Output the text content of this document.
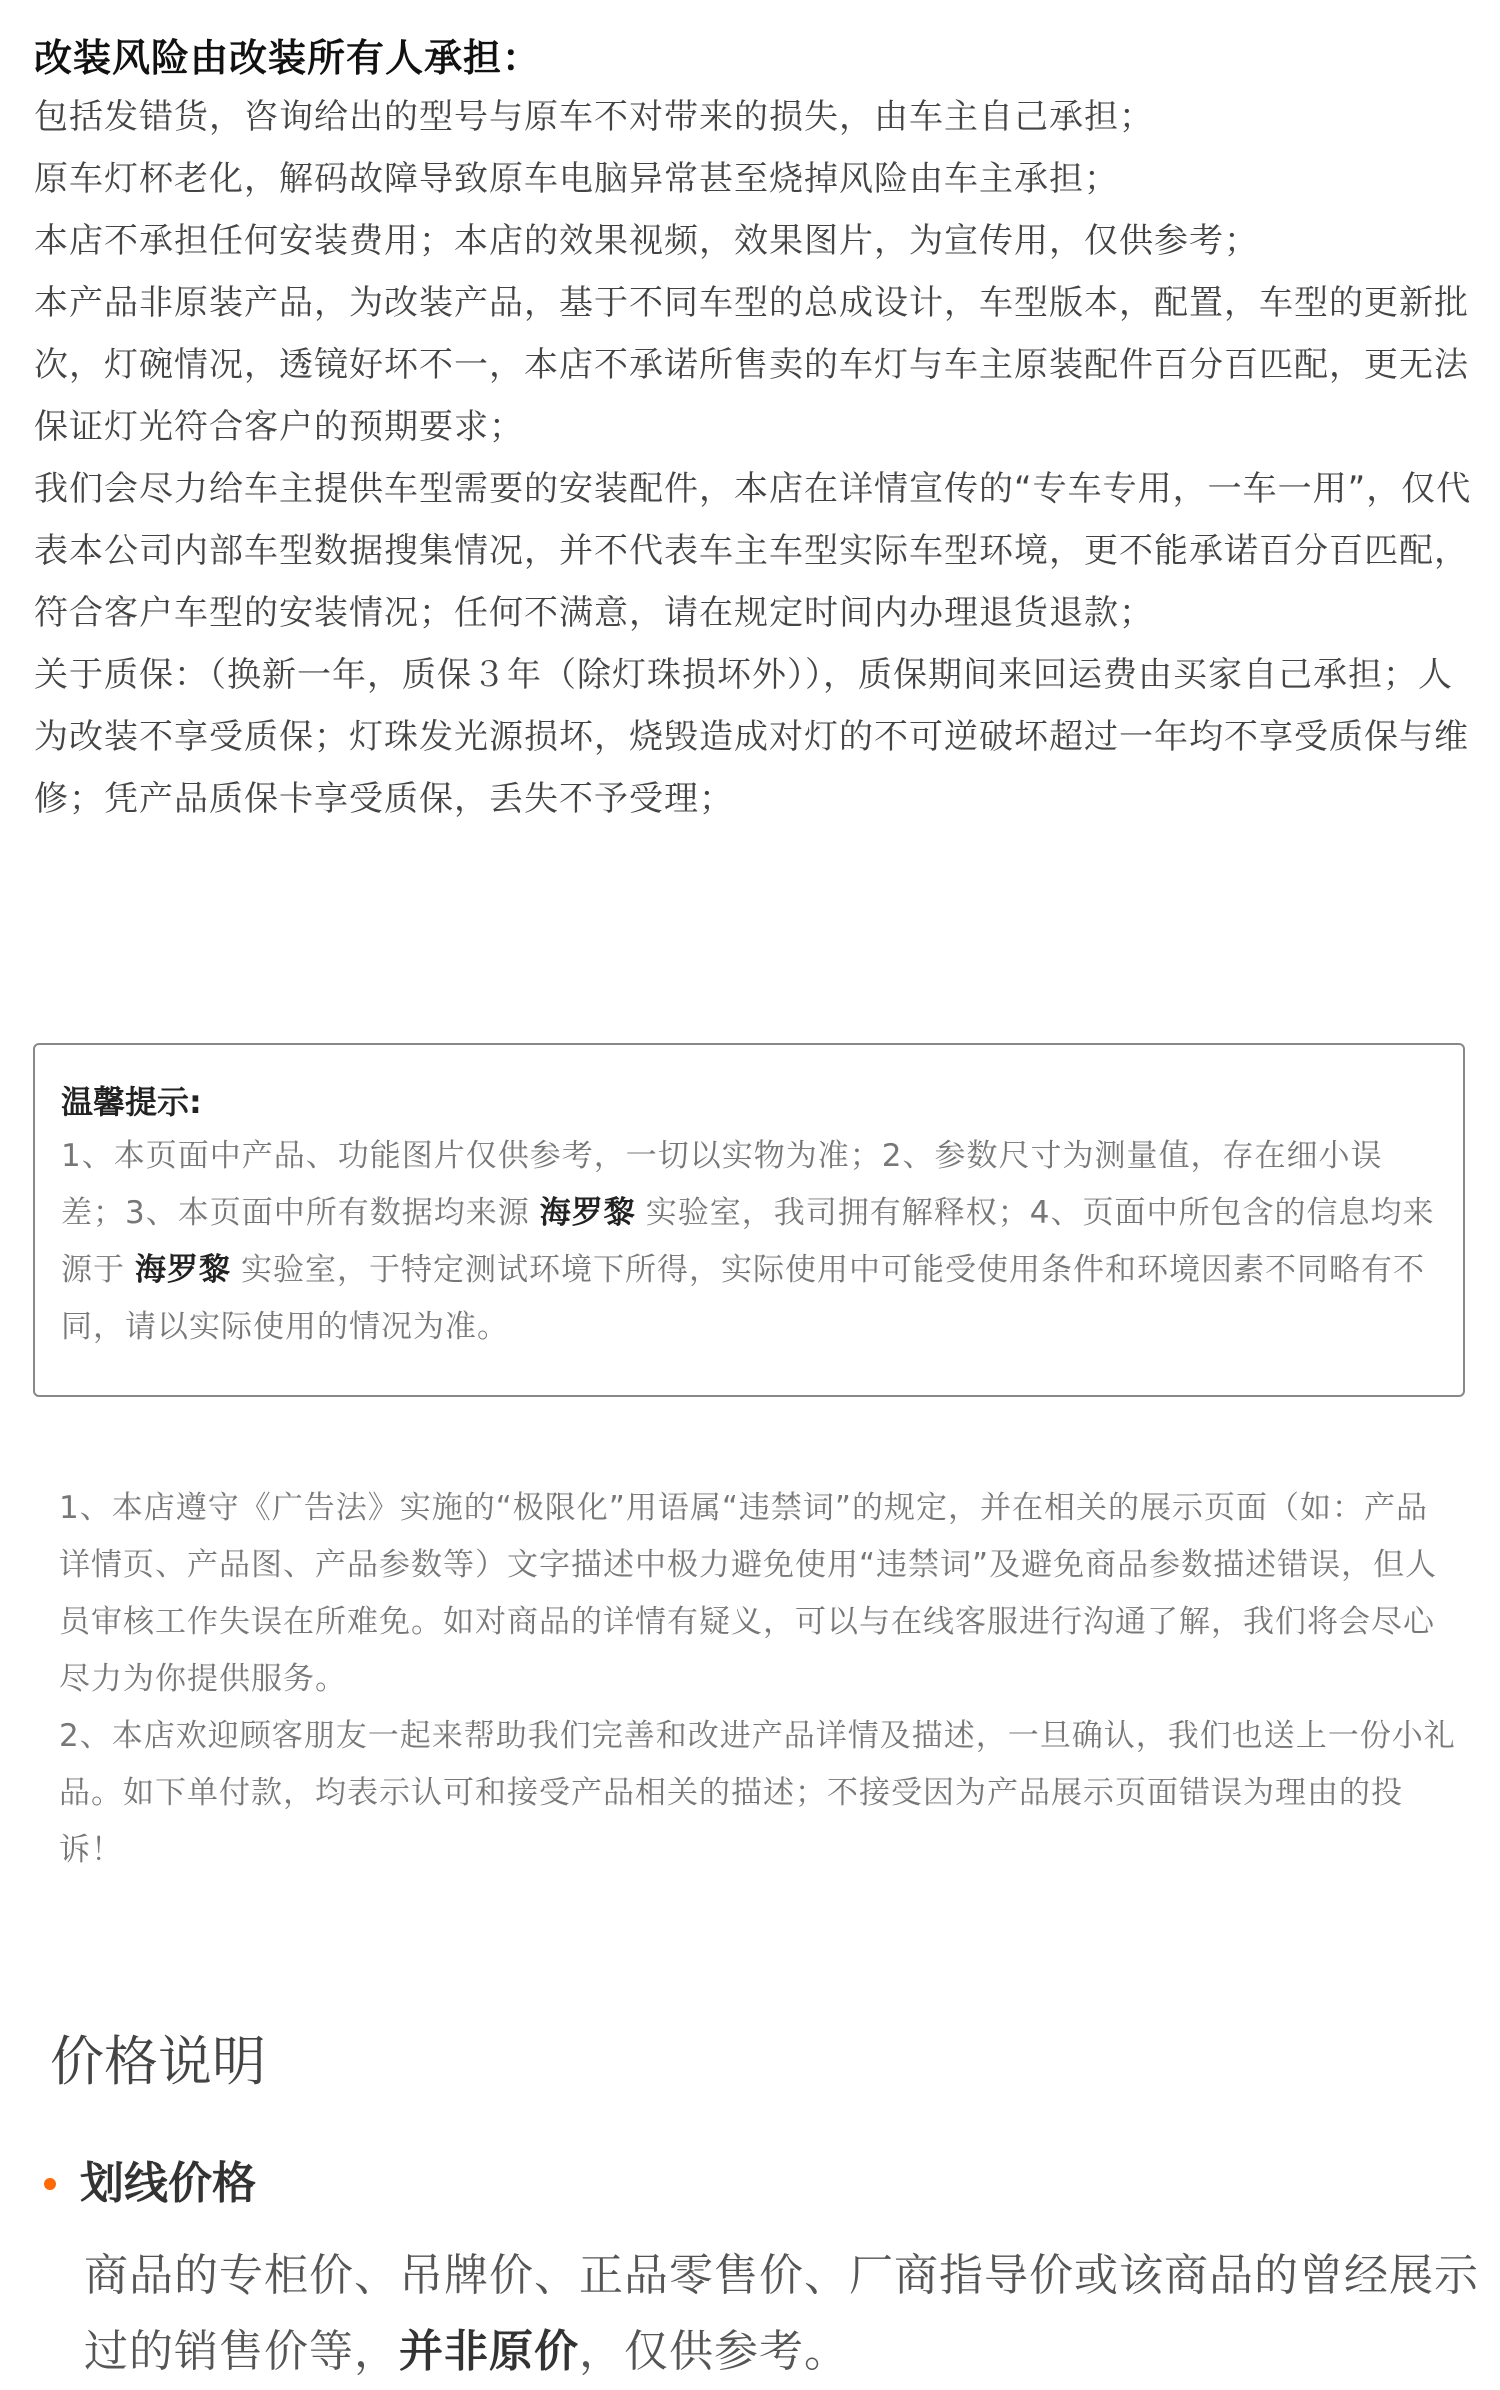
改装风险由改装所有人承担：

包括发错货，咨询给出的型号与原车不对带来的损失，由车主自己承担；

原车灯杯老化，解码故障导致原车电脑异常甚至烧掉风险由车主承担；

本店不承担任何安装费用；本店的效果视频，效果图片，为宣传用，仅供参考；

本产品非原装产品，为改装产品，基于不同车型的总成设计，车型版本，配置，车型的更新批次，灯碗情况，透镜好坏不一，本店不承诺所售卖的车灯与车主原装配件百分百匹配，更无法保证灯光符合客户的预期要求；

我们会尽力给车主提供车型需要的安装配件，本店在详情宣传的“专车专用，一车一用”，仅代表本公司内部车型数据搜集情况，并不代表车主车型实际车型环境，更不能承诺百分百匹配，符合客户车型的安装情况；任何不满意，请在规定时间内办理退货退款；

关于质保：（换新一年，质保３年（除灯珠损坏外）），质保期间来回运费由买家自己承担；人为改装不享受质保；灯珠发光源损坏，烧毁造成对灯的不可逆破坏超过一年均不享受质保与维修；凭产品质保卡享受质保，丢失不予受理；

温馨提示:

1、本页面中产品、功能图片仅供参考，一切以实物为准；2、参数尺寸为测量值，存在细小误差；3、本页面中所有数据均来源 海罗黎 实验室，我司拥有解释权；4、页面中所包含的信息均来源于 海罗黎 实验室，于特定测试环境下所得，实际使用中可能受使用条件和环境因素不同略有不同，请以实际使用的情况为准。

1、本店遵守《广告法》实施的“极限化”用语属“违禁词”的规定，并在相关的展示页面（如：产品详情页、产品图、产品参数等）文字描述中极力避免使用“违禁词”及避免商品参数描述错误，但人员审核工作失误在所难免。如对商品的详情有疑义，可以与在线客服进行沟通了解，我们将会尽心尽力为你提供服务。

2、本店欢迎顾客朋友一起来帮助我们完善和改进产品详情及描述，一旦确认，我们也送上一份小礼品。如下单付款，均表示认可和接受产品相关的描述；不接受因为产品展示页面错误为理由的投诉！

价格说明
划线价格

商品的专柜价、吊牌价、正品零售价、厂商指导价或该商品的曾经展示过的销售价等，并非原价，仅供参考。
